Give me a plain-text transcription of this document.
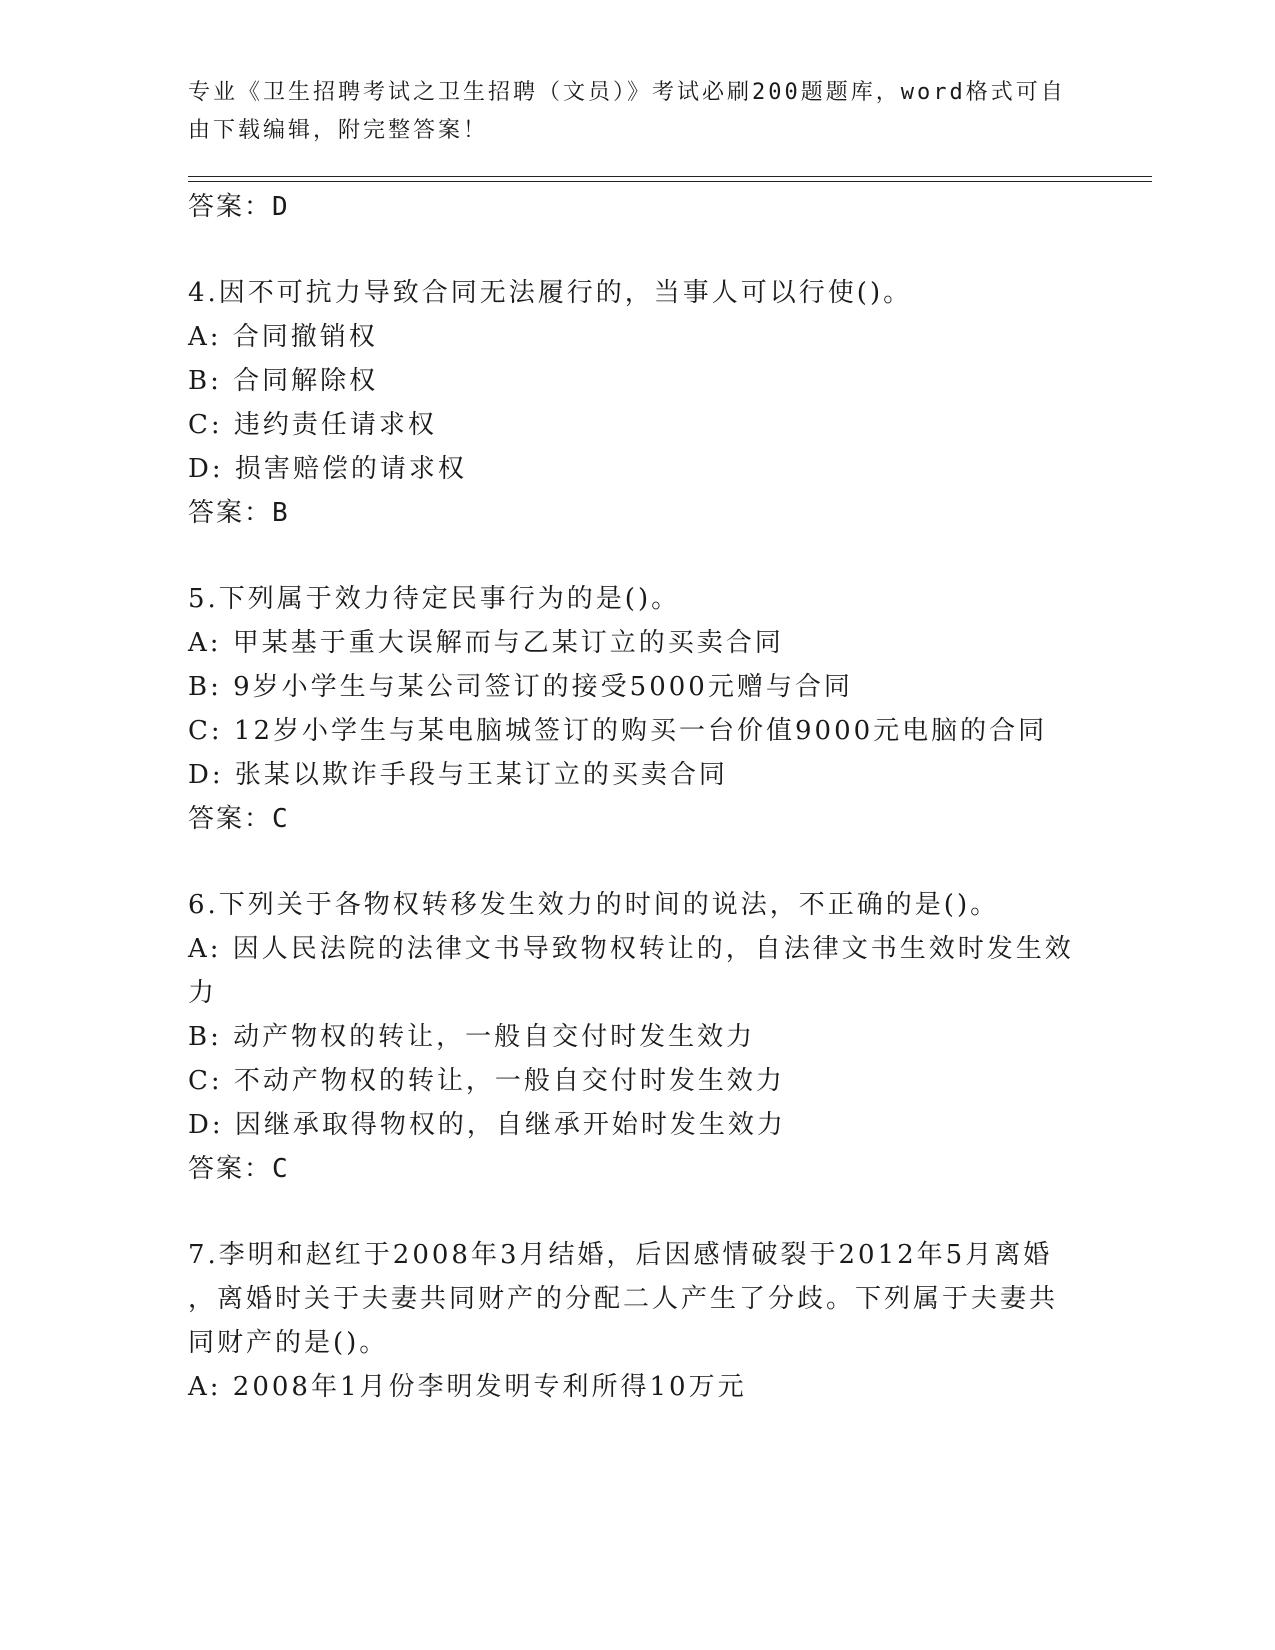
专业《卫生招聘考试之卫生招聘（文员）》考试必刷200题题库，word格式可自
由下载编辑，附完整答案！
答案：D
4.因不可抗力导致合同无法履行的，当事人可以行使()。
A: 合同撤销权
B: 合同解除权
C: 违约责任请求权
D: 损害赔偿的请求权
答案：B
5.下列属于效力待定民事行为的是()。
A: 甲某基于重大误解而与乙某订立的买卖合同
B: 9岁小学生与某公司签订的接受5000元赠与合同
C: 12岁小学生与某电脑城签订的购买一台价值9000元电脑的合同
D: 张某以欺诈手段与王某订立的买卖合同
答案：C
6.下列关于各物权转移发生效力的时间的说法，不正确的是()。
A: 因人民法院的法律文书导致物权转让的，自法律文书生效时发生效
力
B: 动产物权的转让，一般自交付时发生效力
C: 不动产物权的转让，一般自交付时发生效力
D: 因继承取得物权的，自继承开始时发生效力
答案：C
7.李明和赵红于2008年3月结婚，后因感情破裂于2012年5月离婚
，离婚时关于夫妻共同财产的分配二人产生了分歧。下列属于夫妻共
同财产的是()。
A: 2008年1月份李明发明专利所得10万元
